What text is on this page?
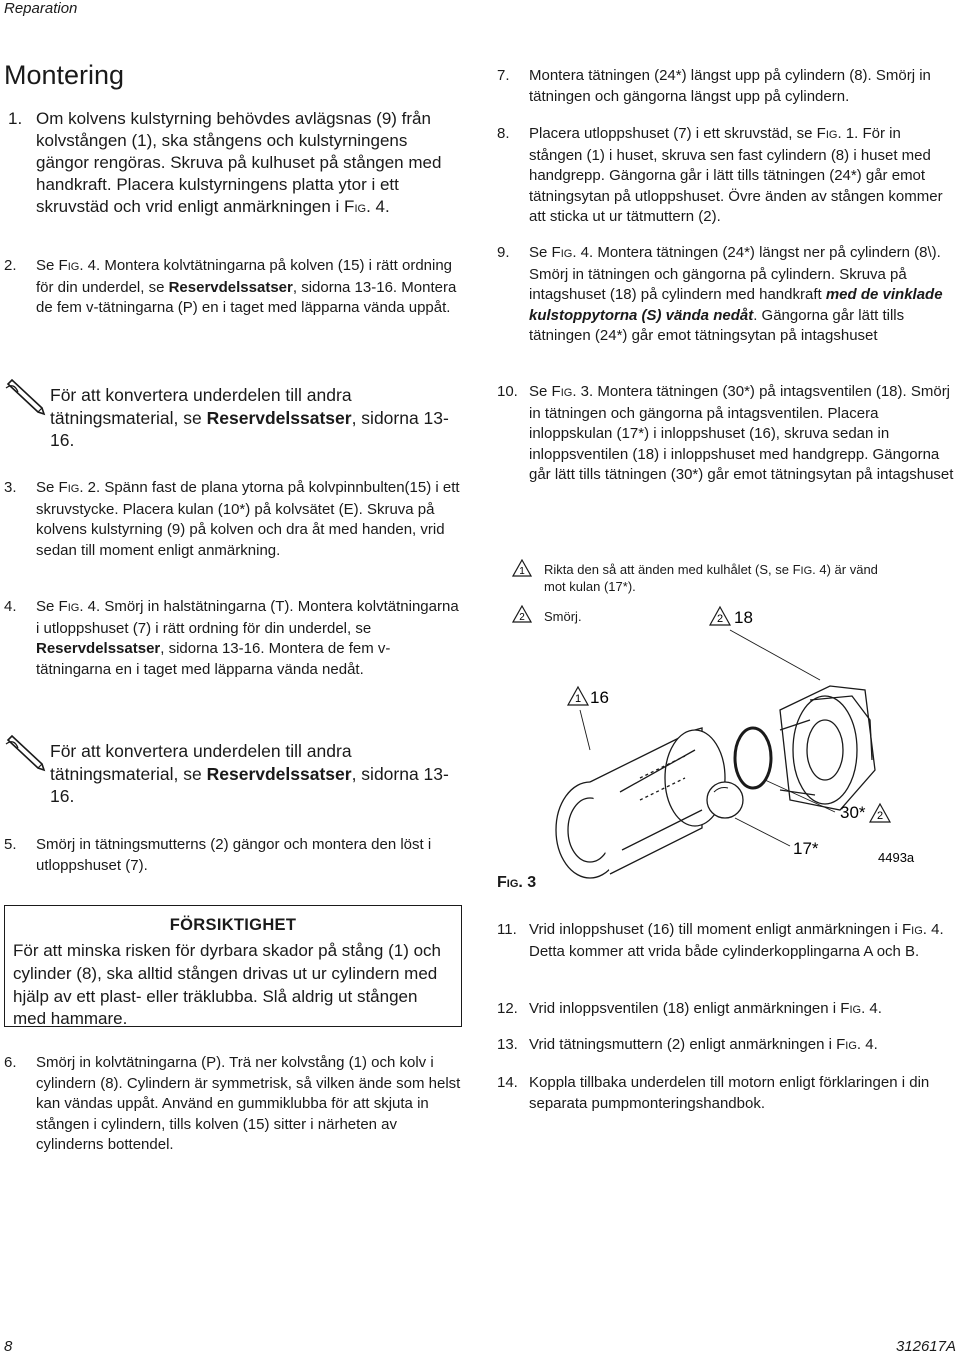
Reparation
Montering
1. Om kolvens kulstyrning behövdes avlägsnas (9) från kolvstången (1), ska stångens och kulstyrningens gängor rengöras. Skruva på kulhuset på stången med handkraft. Placera kulstyrningens platta ytor i ett skruvstäd och vrid enligt anmärkningen i FIG. 4.
2. Se FIG. 4. Montera kolvtätningarna på kolven (15) i rätt ordning för din underdel, se Reservdelssatser, sidorna 13-16. Montera de fem v-tätningarna (P) en i taget med läpparna vända uppåt.
För att konvertera underdelen till andra tätningsmaterial, se Reservdelssatser, sidorna 13-16.
3. Se FIG. 2. Spänn fast de plana ytorna på kolvpinnbulten(15) i ett skruvstycke. Placera kulan (10*) på kolvsätet (E). Skruva på kolvens kulstyrning (9) på kolven och dra åt med handen, vrid sedan till moment enligt anmärkning.
4. Se FIG. 4. Smörj in halstätningarna (T). Montera kolvtätningarna i utloppshuset (7) i rätt ordning för din underdel, se Reservdelssatser, sidorna 13-16. Montera de fem v-tätningarna en i taget med läpparna vända nedåt.
För att konvertera underdelen till andra tätningsmaterial, se Reservdelssatser, sidorna 13-16.
5. Smörj in tätningsmutterns (2) gängor och montera den löst i utloppshuset (7).
FÖRSIKTIGHET
För att minska risken för dyrbara skador på stång (1) och cylinder (8), ska alltid stången drivas ut ur cylindern med hjälp av ett plast- eller träklubba. Slå aldrig ut stången med hammare.
6. Smörj in kolvtätningarna (P). Trä ner kolvstång (1) och kolv i cylindern (8). Cylindern är symmetrisk, så vilken ände som helst kan vändas uppåt. Använd en gummiklubba för att skjuta in stången i cylindern, tills kolven (15) sitter i närheten av cylinderns bottendel.
7. Montera tätningen (24*) längst upp på cylindern (8). Smörj in tätningen och gängorna längst upp på cylindern.
8. Placera utloppshuset (7) i ett skruvstäd, se FIG. 1. För in stången (1) i huset, skruva sen fast cylindern (8) i huset med handgrepp. Gängorna går i lätt tills tätningen (24*) går emot tätningsytan på utloppshuset. Övre änden av stången kommer att sticka ut ur tätmuttern (2).
9. Se FIG. 4. Montera tätningen (24*) längst ner på cylindern (8\). Smörj in tätningen och gängorna på cylindern. Skruva på intagshuset (18) på cylindern med handkraft med de vinklade kulstoppytorna (S) vända nedåt. Gängorna går lätt tills tätningen (24*) går emot tätningsytan på intagshuset
10. Se FIG. 3. Montera tätningen (30*) på intagsventilen (18). Smörj in tätningen och gängorna på intagsventilen. Placera inloppskulan (17*) i inloppshuset (16), skruva sedan in inloppsventilen (18) i inloppshuset med handgrepp. Gängorna går lätt tills tätningen (30*) går emot tätningsytan på intagshuset
1 Rikta den så att änden med kulhålet (S, se FIG. 4) är vänd mot kulan (17*).
2 Smörj.	2 18
1 16
30* 2
17*	4493a
FIG. 3
11. Vrid inloppshuset (16) till moment enligt anmärkningen i FIG. 4. Detta kommer att vrida både cylinderkopplingarna A och B.
12. Vrid inloppsventilen (18) enligt anmärkningen i FIG. 4.
13. Vrid tätningsmuttern (2) enligt anmärkningen i FIG. 4.
14. Koppla tillbaka underdelen till motorn enligt förklaringen i din separata pumpmonteringshandbok.
8	312617A
